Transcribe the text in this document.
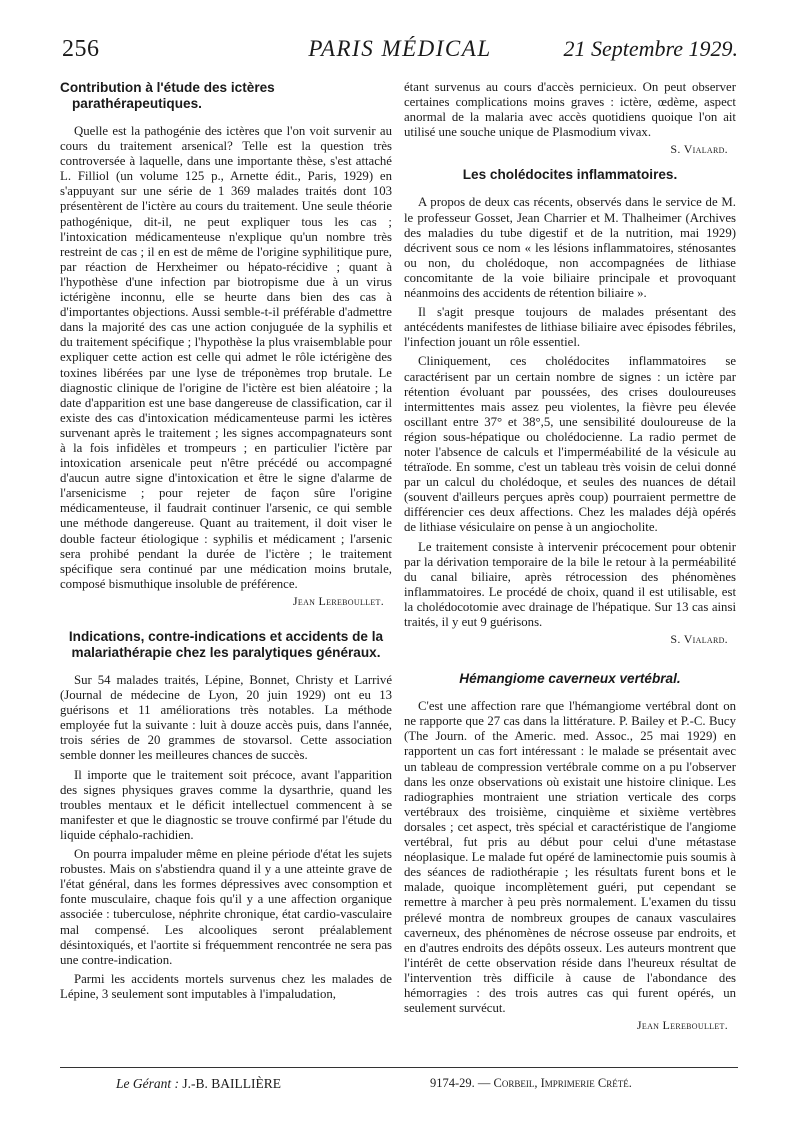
256	PARIS MÉDICAL	21 Septembre 1929.
Contribution à l'étude des ictères parathérapeutiques.

Quelle est la pathogénie des ictères que l'on voit survenir au cours du traitement arsenical? Telle est la question très controversée à laquelle, dans une importante thèse, s'est attaché L. Filliol (un volume 125 p., Arnette édit., Paris, 1929) en s'appuyant sur une série de 1 369 malades traités dont 103 présentèrent de l'ictère au cours du traitement. Une seule théorie pathogénique, dit-il, ne peut expliquer tous les cas ; l'intoxication médicamenteuse n'explique qu'un nombre très restreint de cas ; il en est de même de l'origine syphilitique pure, par réaction de Herxheimer ou hépato-récidive ; quant à l'hypothèse d'une infection par biotropisme due à un virus ictérigène inconnu, elle se heurte dans bien des cas à d'importantes objections. Aussi semble-t-il préférable d'admettre dans la majorité des cas une action conjuguée de la syphilis et du traitement spécifique ; l'hypothèse la plus vraisemblable pour expliquer cette action est celle qui admet le rôle ictérigène des toxines libérées par une lyse de tréponèmes trop brutale. Le diagnostic clinique de l'origine de l'ictère est bien aléatoire ; la date d'apparition est une base dangereuse de classification, car il existe des cas d'intoxication médicamenteuse parmi les ictères survenant après le traitement ; les signes accompagnateurs sont à la fois infidèles et trompeurs ; en particulier l'ictère par intoxication arsenicale peut n'être précédé ou accompagné d'aucun autre signe d'intoxication et être le signe d'alarme de l'arsenicisme ; pour rejeter de façon sûre l'origine médicamenteuse, il faudrait continuer l'arsenic, ce qui semble une méthode dangereuse. Quant au traitement, il doit viser le double facteur étiologique : syphilis et médicament ; l'arsenic sera prohibé pendant la durée de l'ictère ; le traitement spécifique sera continué par une médication moins brutale, composé bismuthique insoluble de préférence.

Jean Lereboullet.
Indications, contre-indications et accidents de la malariathérapie chez les paralytiques généraux.

Sur 54 malades traités, Lépine, Bonnet, Christy et Larrivé (Journal de médecine de Lyon, 20 juin 1929) ont eu 13 guérisons et 11 améliorations très notables. La méthode employée fut la suivante : luit à douze accès puis, dans l'année, trois séries de 20 grammes de stovarsol. Cette association semble donner les meilleures chances de succès.

Il importe que le traitement soit précoce, avant l'apparition des signes physiques graves comme la dysarthrie, quand les troubles mentaux et le déficit intellectuel commencent à se manifester et que le diagnostic se trouve confirmé par l'étude du liquide céphalo-rachidien.

On pourra impaluder même en pleine période d'état les sujets robustes. Mais on s'abstiendra quand il y a une atteinte grave de l'état général, dans les formes dépressives avec consomption et fonte musculaire, chaque fois qu'il y a une affection organique associée : tuberculose, néphrite chronique, état cardio-vasculaire mal compensé. Les alcooliques seront préalablement désintoxiqués, et l'aortite si fréquemment rencontrée ne sera pas une contre-indication.

Parmi les accidents mortels survenus chez les malades de Lépine, 3 seulement sont imputables à l'impaludation,

étant survenus au cours d'accès pernicieux. On peut observer certaines complications moins graves : ictère, œdème, aspect anormal de la malaria avec accès quotidiens quoique l'on ait utilisé une souche unique de Plasmodium vivax.

S. Vialard.
Les cholédocites inflammatoires.

A propos de deux cas récents, observés dans le service de M. le professeur Gosset, Jean Charrier et M. Thalheimer (Archives des maladies du tube digestif et de la nutrition, mai 1929) décrivent sous ce nom « les lésions inflammatoires, sténosantes ou non, du cholédoque, non accompagnées de lithiase concomitante de la voie biliaire principale et provoquant néanmoins des accidents de rétention biliaire ».

Il s'agit presque toujours de malades présentant des antécédents manifestes de lithiase biliaire avec épisodes fébriles, l'infection jouant un rôle essentiel.

Cliniquement, ces cholédocites inflammatoires se caractérisent par un certain nombre de signes : un ictère par rétention évoluant par poussées, des crises douloureuses intermittentes mais assez peu violentes, la fièvre peu élevée oscillant entre 37° et 38°,5, une sensibilité douloureuse de la région sous-hépatique ou cholédocienne. La radio permet de noter l'absence de calculs et l'imperméabilité de la vésicule au tétraïode. En somme, c'est un tableau très voisin de celui donné par un calcul du cholédoque, et seules des nuances de détail (souvent d'ailleurs perçues après coup) pourraient permettre de différencier ces deux affections. Chez les malades déjà opérés de lithiase vésiculaire on pense à un angiocholite.

Le traitement consiste à intervenir précocement pour obtenir par la dérivation temporaire de la bile le retour à la perméabilité du canal biliaire, après rétrocession des phénomènes inflammatoires. Le procédé de choix, quand il est utilisable, est la cholédocotomie avec drainage de l'hépatique. Sur 13 cas ainsi traités, il y eut 9 guérisons.

S. Vialard.
Hémangiome caverneux vertébral.

C'est une affection rare que l'hémangiome vertébral dont on ne rapporte que 27 cas dans la littérature. P. Bailey et P.-C. Bucy (The Journ. of the Americ. med. Assoc., 25 mai 1929) en rapportent un cas fort intéressant : le malade se présentait avec un tableau de compression vertébrale comme on a pu l'observer dans les onze observations où existait une histoire clinique. Les radiographies montraient une striation verticale des corps vertébraux des troisième, cinquième et sixième vertèbres dorsales ; cet aspect, très spécial et caractéristique de l'angiome vertébral, fut pris au début pour celui d'une métastase néoplasique. Le malade fut opéré de laminectomie puis soumis à des séances de radiothérapie ; les résultats furent bons et le malade, quoique incomplètement guéri, put cependant se remettre à marcher à peu près normalement. L'examen du tissu prélevé montra de nombreux groupes de canaux vasculaires caverneux, des phénomènes de nécrose osseuse par endroits, et en d'autres endroits des dépôts osseux. Les auteurs montrent que l'intérêt de cette observation réside dans l'heureux résultat de l'intervention très difficile à cause de l'abondance des hémorragies : des trois autres cas qui furent opérés, un seulement survécut.

Jean Lereboullet.
Le Gérant : J.-B. BAILLIÈRE	9174-29. — Corbeil, Imprimerie Crété.
